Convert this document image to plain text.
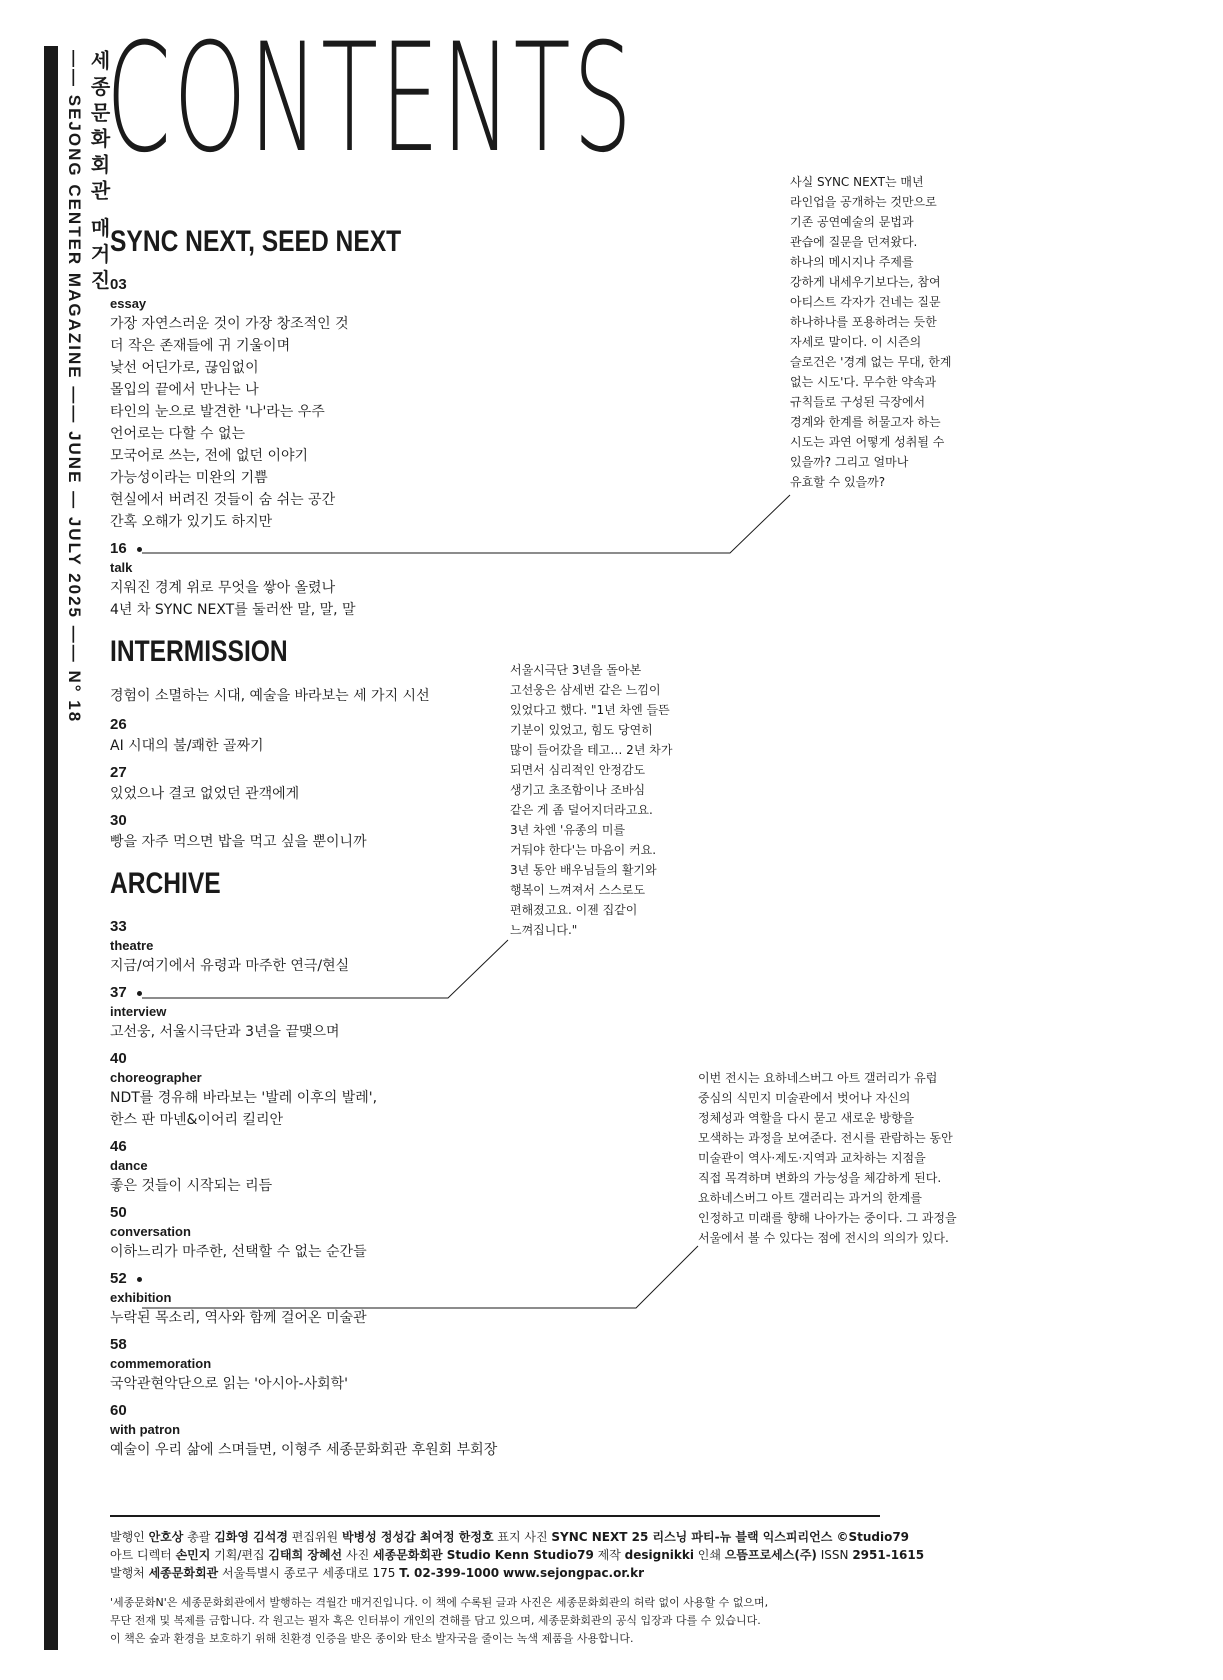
세종문화회관 매거진
—— SEJONG CENTER MAGAZINE —— JUNE — JULY 2025 —— N° 18
CONTENTS
SYNC NEXT, SEED NEXT
03
essay
가장 자연스러운 것이 가장 창조적인 것
더 작은 존재들에 귀 기울이며
낯선 어딘가로, 끊임없이
몰입의 끝에서 만나는 나
타인의 눈으로 발견한 '나'라는 우주
언어로는 다할 수 없는
모국어로 쓰는, 전에 없던 이야기
가능성이라는 미완의 기쁨
현실에서 버려진 것들이 숨 쉬는 공간
간혹 오해가 있기도 하지만
16
talk
지워진 경계 위로 무엇을 쌓아 올렸나
4년 차 SYNC NEXT를 둘러싼 말, 말, 말
INTERMISSION
경험이 소멸하는 시대, 예술을 바라보는 세 가지 시선
26
AI 시대의 불/쾌한 골짜기
27
있었으나 결코 없었던 관객에게
30
빵을 자주 먹으면 밥을 먹고 싶을 뿐이니까
ARCHIVE
33
theatre
지금/여기에서 유령과 마주한 연극/현실
37
interview
고선웅, 서울시극단과 3년을 끝맺으며
40
choreographer
NDT를 경유해 바라보는 '발레 이후의 발레',
한스 판 마넨&이어리 킬리안
46
dance
좋은 것들이 시작되는 리듬
50
conversation
이하느리가 마주한, 선택할 수 없는 순간들
52
exhibition
누락된 목소리, 역사와 함께 걸어온 미술관
58
commemoration
국악관현악단으로 읽는 '아시아-사회학'
60
with patron
예술이 우리 삶에 스며들면, 이형주 세종문화회관 후원회 부회장
사실 SYNC NEXT는 매년
라인업을 공개하는 것만으로
기존 공연예술의 문법과
관습에 질문을 던져왔다.
하나의 메시지나 주제를
강하게 내세우기보다는, 참여
아티스트 각자가 건네는 질문
하나하나를 포용하려는 듯한
자세로 말이다. 이 시즌의
슬로건은 '경계 없는 무대, 한계
없는 시도'다. 무수한 약속과
규칙들로 구성된 극장에서
경계와 한계를 허물고자 하는
시도는 과연 어떻게 성취될 수
있을까? 그리고 얼마나
유효할 수 있을까?
서울시극단 3년을 돌아본
고선웅은 삼세번 같은 느낌이
있었다고 했다. "1년 차엔 들뜬
기분이 있었고, 힘도 당연히
많이 들어갔을 테고… 2년 차가
되면서 심리적인 안정감도
생기고 초조함이나 조바심
같은 게 좀 덜어지더라고요.
3년 차엔 '유종의 미를
거둬야 한다'는 마음이 커요.
3년 동안 배우님들의 활기와
행복이 느껴져서 스스로도
편해졌고요. 이젠 집같이
느껴집니다."
이번 전시는 요하네스버그 아트 갤러리가 유럽
중심의 식민지 미술관에서 벗어나 자신의
정체성과 역할을 다시 묻고 새로운 방향을
모색하는 과정을 보여준다. 전시를 관람하는 동안
미술관이 역사·제도·지역과 교차하는 지점을
직접 목격하며 변화의 가능성을 체감하게 된다.
요하네스버그 아트 갤러리는 과거의 한계를
인정하고 미래를 향해 나아가는 중이다. 그 과정을
서울에서 볼 수 있다는 점에 전시의 의의가 있다.
발행인 안호상 총괄 김화영 김석경 편집위원 박병성 정성갑 최여정 한정호 표지 사진 SYNC NEXT 25 리스닝 파티-뉴 블랙 익스피리언스 ©Studio79
아트 디렉터 손민지 기획/편집 김태희 장혜선 사진 세종문화회관 Studio Kenn Studio79 제작 designikki 인쇄 으뜸프로세스(주) ISSN 2951-1615
발행처 세종문화회관 서울특별시 종로구 세종대로 175 T. 02-399-1000 www.sejongpac.or.kr
'세종문화N'은 세종문화회관에서 발행하는 격월간 매거진입니다. 이 책에 수록된 글과 사진은 세종문화회관의 허락 없이 사용할 수 없으며,
무단 전재 및 복제를 금합니다. 각 원고는 필자 혹은 인터뷰이 개인의 견해를 담고 있으며, 세종문화회관의 공식 입장과 다를 수 있습니다.
이 책은 숲과 환경을 보호하기 위해 친환경 인증을 받은 종이와 탄소 발자국을 줄이는 녹색 제품을 사용합니다.
